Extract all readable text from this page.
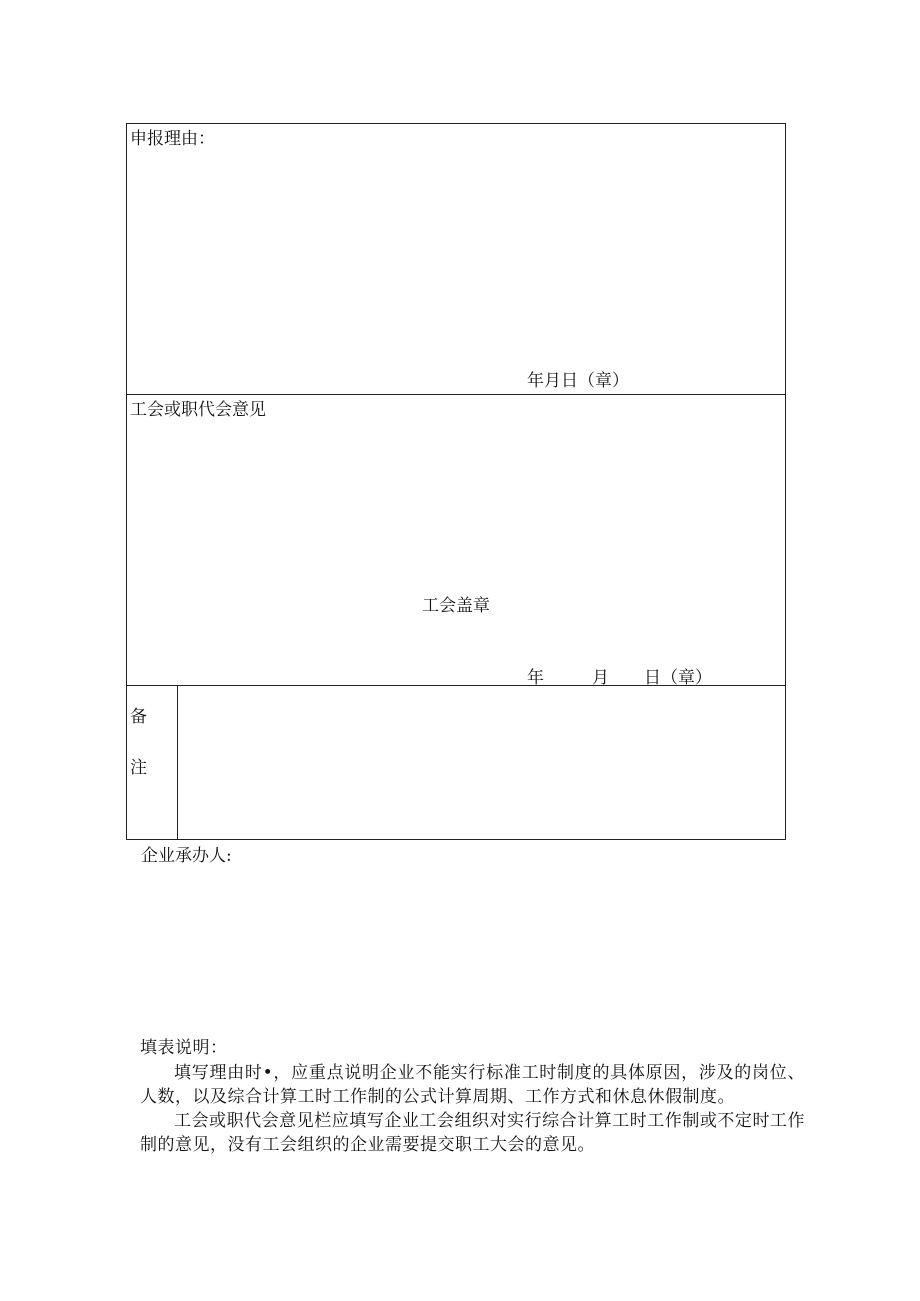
申报理由：
年月日（章）
工会或职代会意见
工会盖章
年	月 日（章）
备
注
企业承办人:

填表说明：

填写理由时•，应重点说明企业不能实行标准工时制度的具体原因，涉及的岗位、人数，以及综合计算工时工作制的公式计算周期、工作方式和休息休假制度。

工会或职代会意见栏应填写企业工会组织对实行综合计算工时工作制或不定时工作制的意见，没有工会组织的企业需要提交职工大会的意见。
